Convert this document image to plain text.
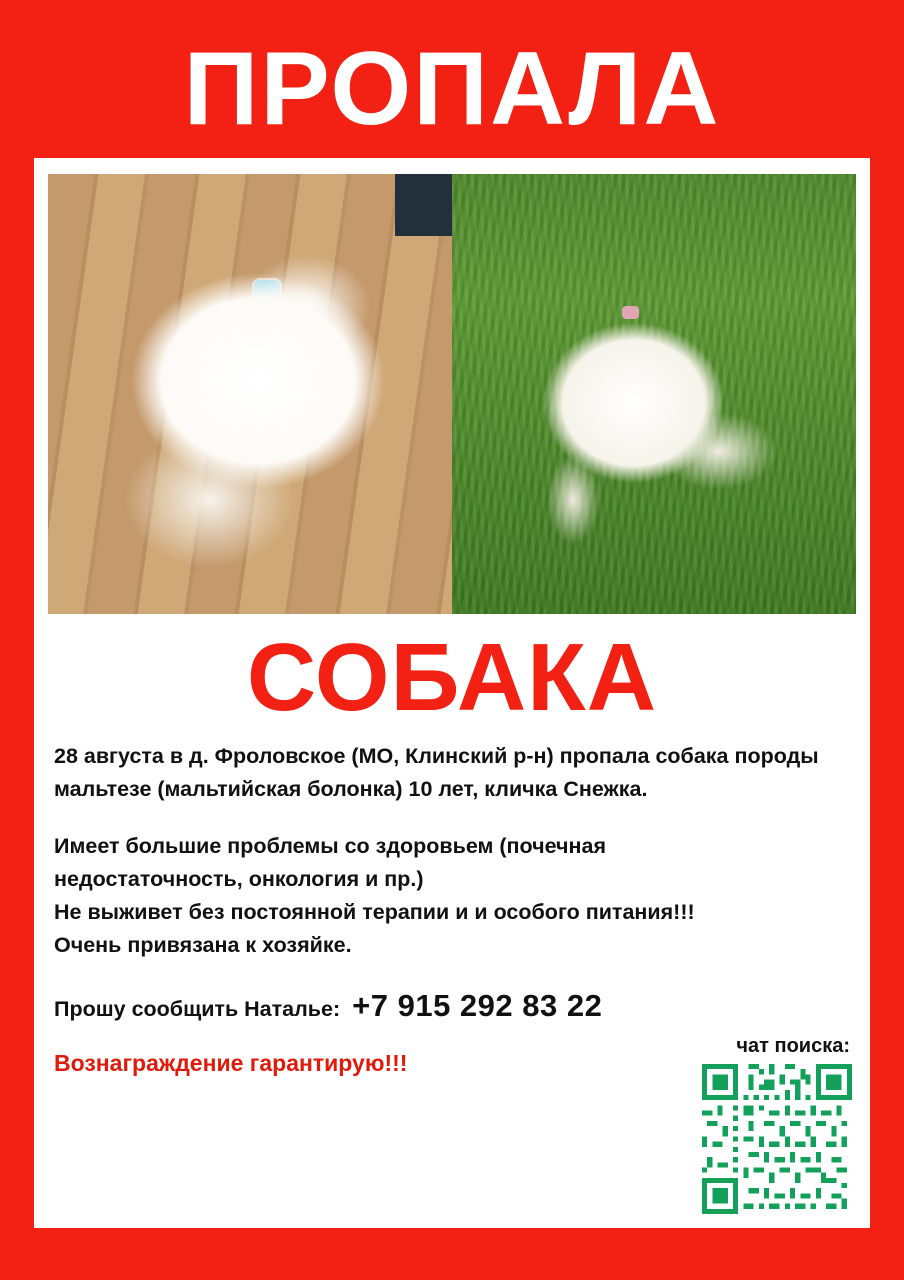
ПРОПАЛА
СОБАКА

28 августа в д. Фроловское (МО, Клинский р-н) пропала собака породы мальтезе (мальтийская болонка) 10 лет, кличка Снежка.

Имеет большие проблемы со здоровьем (почечная
недостаточность, онкология и пр.)
Не выживет без постоянной терапии и и особого питания!!!
Очень привязана к хозяйке.

Прошу сообщить Наталье: +7 915 292 83 22
Вознаграждение гарантирую!!!
чат поиска:
